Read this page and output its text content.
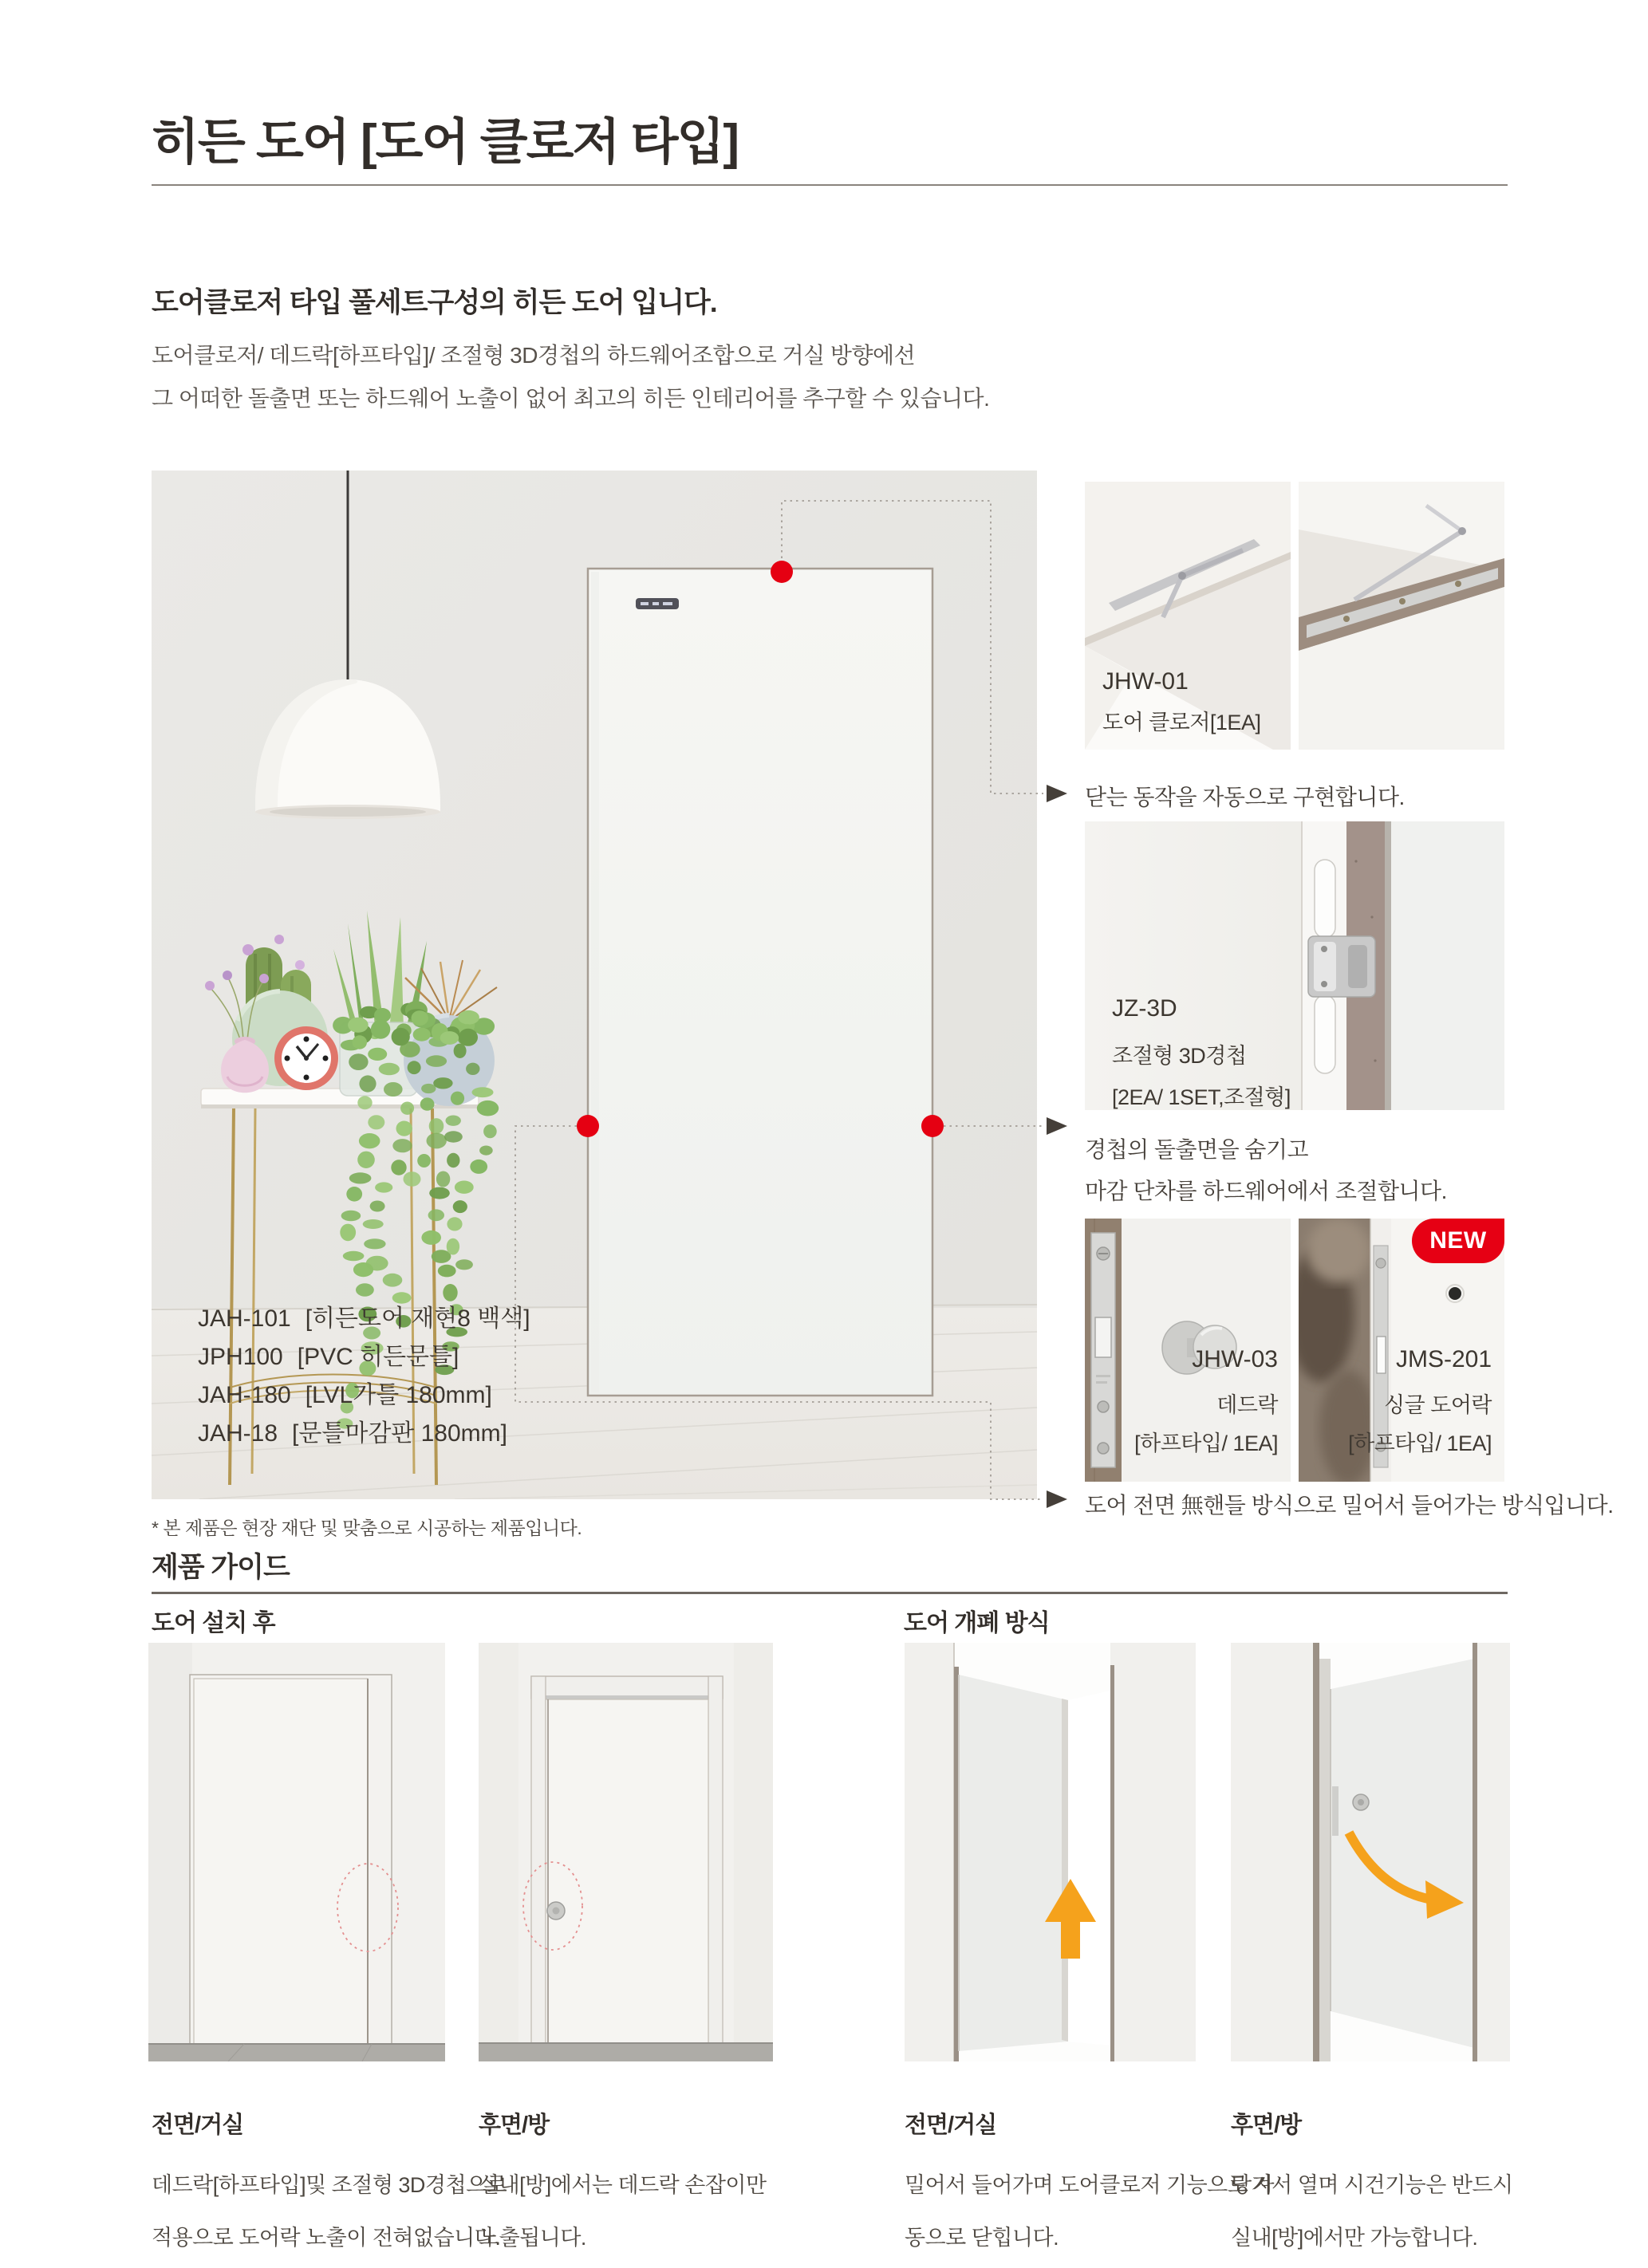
히든 도어 [도어 클로저 타입]
도어클로저 타입 풀세트구성의 히든 도어 입니다.
도어클로저/ 데드락[하프타입]/ 조절형 3D경첩의 하드웨어조합으로 거실 방향에선
그 어떠한 돌출면 또는 하드웨어 노출이 없어 최고의 히든 인테리어를 추구할 수 있습니다.
JAH-101 [히든도어 재현8 백색]
JPH100 [PVC 히든문틀]
JAH-180 [LVL가틀 180mm]
JAH-18 [문틀마감판 180mm]
* 본 제품은 현장 재단 및 맞춤으로 시공하는 제품입니다.
JHW-01
도어 클로저[1EA]
닫는 동작을 자동으로 구현합니다.
JZ-3D
조절형 3D경첩
[2EA/ 1SET,조절형]
경첩의 돌출면을 숨기고
마감 단차를 하드웨어에서 조절합니다.
NEW
JHW-03
데드락
[하프타입/ 1EA]
JMS-201
싱글 도어락
[하프타입/ 1EA]
도어 전면 無핸들 방식으로 밀어서 들어가는 방식입니다.
제품 가이드
도어 설치 후	도어 개폐 방식
전면/거실
데드락[하프타입]및 조절형 3D경첩으로
적용으로 도어락 노출이 전혀없습니다.
후면/방
실내[방]에서는 데드락 손잡이만
노출됩니다.
전면/거실
밀어서 들어가며 도어클로저 기능으로 자
동으로 닫힙니다.
후면/방
당겨서 열며 시건기능은 반드시
실내[방]에서만 가능합니다.
